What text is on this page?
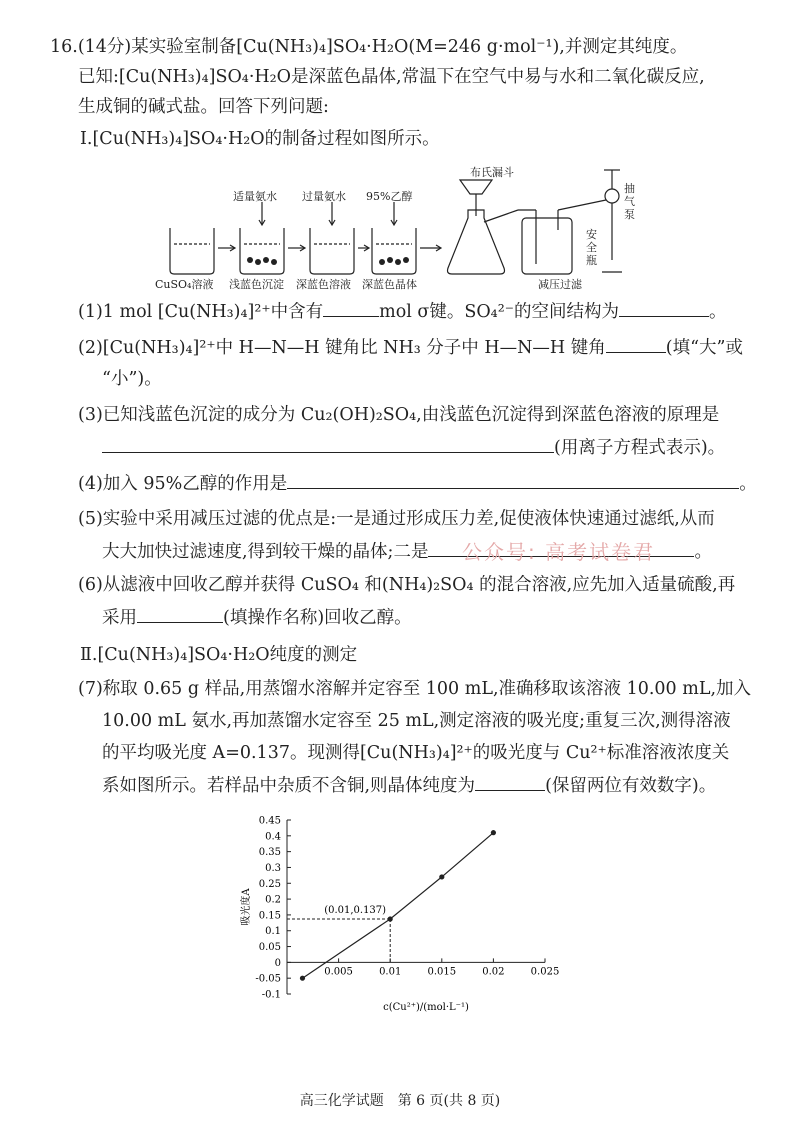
16.(14分)某实验室制备[Cu(NH₃)₄]SO₄·H₂O(M=246 g·mol⁻¹),并测定其纯度。
已知:[Cu(NH₃)₄]SO₄·H₂O是深蓝色晶体,常温下在空气中易与水和二氧化碳反应,
生成铜的碱式盐。回答下列问题:
Ⅰ.[Cu(NH₃)₄]SO₄·H₂O的制备过程如图所示。
适量氨水 过量氨水 95%乙醇
CuSO₄溶液 浅蓝色沉淀 深蓝色溶液 深蓝色晶体
布氏漏斗
抽气泵
安全瓶
减压过滤
(1)1 mol [Cu(NH₃)₄]²⁺中含有	mol σ键。SO₄²⁻的空间结构为	。
(2)[Cu(NH₃)₄]²⁺中 H—N—H 键角比 NH₃ 分子中 H—N—H 键角	(填“大”或
“小”)。
(3)已知浅蓝色沉淀的成分为 Cu₂(OH)₂SO₄,由浅蓝色沉淀得到深蓝色溶液的原理是
(用离子方程式表示)。
(4)加入 95%乙醇的作用是	。
(5)实验中采用减压过滤的优点是:一是通过形成压力差,促使液体快速通过滤纸,从而
大大加快过滤速度,得到较干燥的晶体;二是	。
公众号: 高考试卷君
(6)从滤液中回收乙醇并获得 CuSO₄ 和(NH₄)₂SO₄ 的混合溶液,应先加入适量硫酸,再
采用	(填操作名称)回收乙醇。
Ⅱ.[Cu(NH₃)₄]SO₄·H₂O纯度的测定
(7)称取 0.65 g 样品,用蒸馏水溶解并定容至 100 mL,准确移取该溶液 10.00 mL,加入
10.00 mL 氨水,再加蒸馏水定容至 25 mL,测定溶液的吸光度;重复三次,测得溶液
的平均吸光度 A=0.137。现测得[Cu(NH₃)₄]²⁺的吸光度与 Cu²⁺标准溶液浓度关
系如图所示。若样品中杂质不含铜,则晶体纯度为	(保留两位有效数字)。
0.45
0.4
0.35
0.3
0.25
0.2
0.15
0.1
0.05
0
-0.05
-0.1
0.005	0.01	0.015	0.02	0.025
(0.01,0.137)
吸光度A
c(Cu²⁺)/(mol·L⁻¹)
高三化学试题　第 6 页(共 8 页)
